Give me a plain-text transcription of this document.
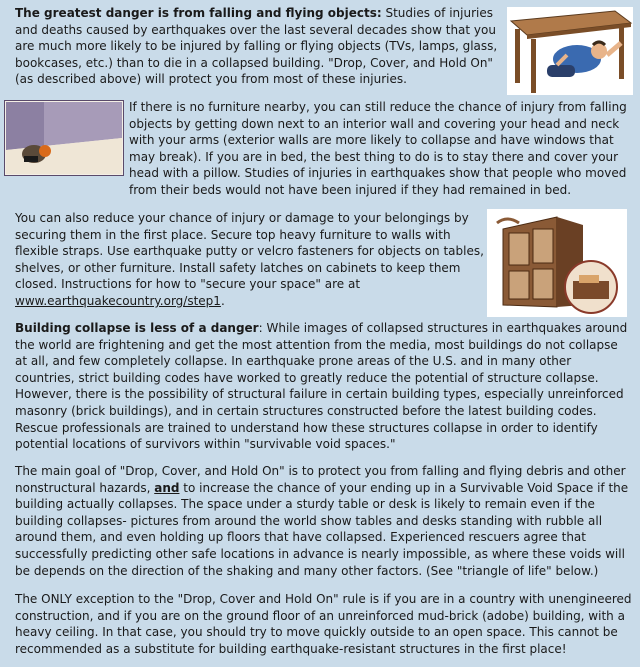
The greatest danger is from falling and flying objects: Studies of injuries and deaths caused by earthquakes over the last several decades show that you are much more likely to be injured by falling or flying objects (TVs, lamps, glass, bookcases, etc.) than to die in a collapsed building. "Drop, Cover, and Hold On" (as described above) will protect you from most of these injuries.

If there is no furniture nearby, you can still reduce the chance of injury from falling objects by getting down next to an interior wall and covering your head and neck with your arms (exterior walls are more likely to collapse and have windows that may break). If you are in bed, the best thing to do is to stay there and cover your head with a pillow. Studies of injuries in earthquakes show that people who moved from their beds would not have been injured if they had remained in bed.

You can also reduce your chance of injury or damage to your belongings by securing them in the first place. Secure top heavy furniture to walls with flexible straps. Use earthquake putty or velcro fasteners for objects on tables, shelves, or other furniture. Install safety latches on cabinets to keep them closed. Instructions for how to "secure your space" are at
www.earthquakecountry.org/step1.

Building collapse is less of a danger: While images of collapsed structures in earthquakes around the world are frightening and get the most attention from the media, most buildings do not collapse at all, and few completely collapse. In earthquake prone areas of the U.S. and in many other countries, strict building codes have worked to greatly reduce the potential of structure collapse. However, there is the possibility of structural failure in certain building types, especially unreinforced masonry (brick buildings), and in certain structures constructed before the latest building codes. Rescue professionals are trained to understand how these structures collapse in order to identify potential locations of survivors within "survivable void spaces."

The main goal of "Drop, Cover, and Hold On" is to protect you from falling and flying debris and other nonstructural hazards, and to increase the chance of your ending up in a Survivable Void Space if the building actually collapses. The space under a sturdy table or desk is likely to remain even if the building collapses- pictures from around the world show tables and desks standing with rubble all around them, and even holding up floors that have collapsed. Experienced rescuers agree that successfully predicting other safe locations in advance is nearly impossible, as where these voids will be depends on the direction of the shaking and many other factors. (See "triangle of life" below.)

The ONLY exception to the "Drop, Cover and Hold On" rule is if you are in a country with unengineered construction, and if you are on the ground floor of an unreinforced mud-brick (adobe) building, with a heavy ceiling. In that case, you should try to move quickly outside to an open space. This cannot be recommended as a substitute for building earthquake-resistant structures in the first place!
